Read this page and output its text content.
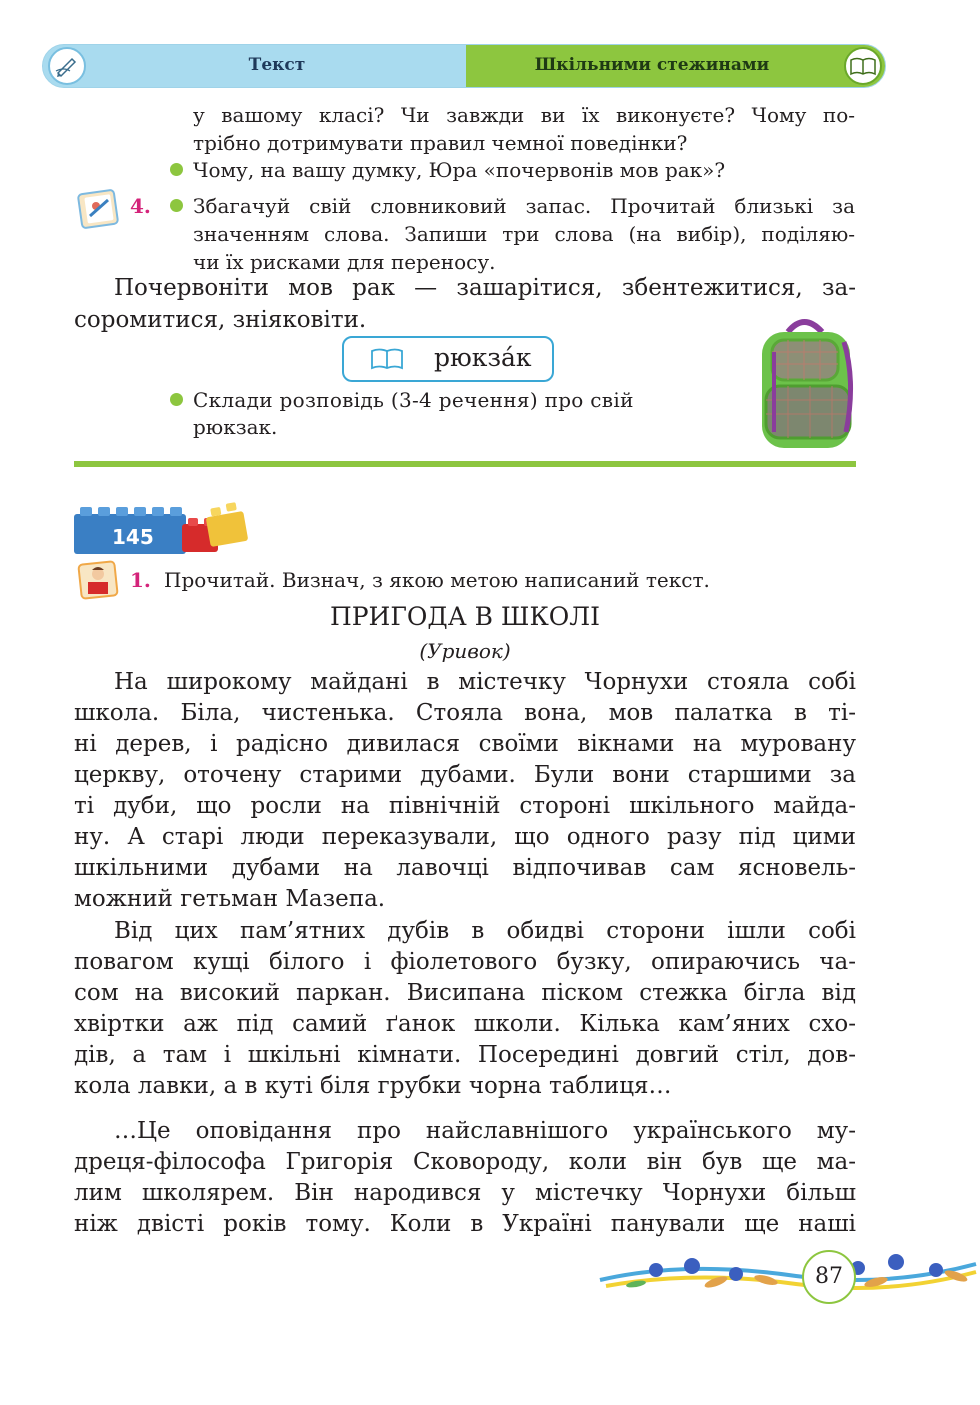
Текст	Шкільними стежинами
у вашому класі? Чи завжди ви їх виконуєте? Чому по-
трібно дотримувати правил чемної поведінки?
Чому, на вашу думку, Юра «почервонів мов рак»?
4. Збагачуй свій словниковий запас. Прочитай близькі за
значенням слова. Запиши три слова (на вибір), поділяю-
чи їх рисками для переносу.
Почервоніти мов рак — зашарітися, збентежитися, за-
соромитися, зніяковіти.
рюкза́к
Склади розповідь (3-4 речення) про свій
рюкзак.
145
1. Прочитай. Визнач, з якою метою написаний текст.
ПРИГОДА В ШКОЛІ
(Уривок)
На широкому майдані в містечку Чорнухи стояла собі
школа. Біла, чистенька. Стояла вона, мов палатка в ті-
ні дерев, і радісно дивилася своїми вікнами на муровану
церкву, оточену старими дубами. Були вони старшими за
ті дуби, що росли на північній стороні шкільного майда-
ну. А старі люди переказували, що одного разу під цими
шкільними дубами на лавочці відпочивав сам ясновель-
можний гетьман Мазепа.
Від цих пам’ятних дубів в обидві сторони ішли собі
повагом кущі білого і фіолетового бузку, опираючись ча-
сом на високий паркан. Висипана піском стежка бігла від
хвіртки аж під самий ґанок школи. Кілька кам’яних схо-
дів, а там і шкільні кімнати. Посередині довгий стіл, дов-
кола лавки, а в куті біля грубки чорна таблиця…
…Це оповідання про найславнішого українського му-
дреця-філософа Григорія Сковороду, коли він був ще ма-
лим школярем. Він народився у містечку Чорнухи більш
ніж двісті років тому. Коли в Україні панували ще наші
87
